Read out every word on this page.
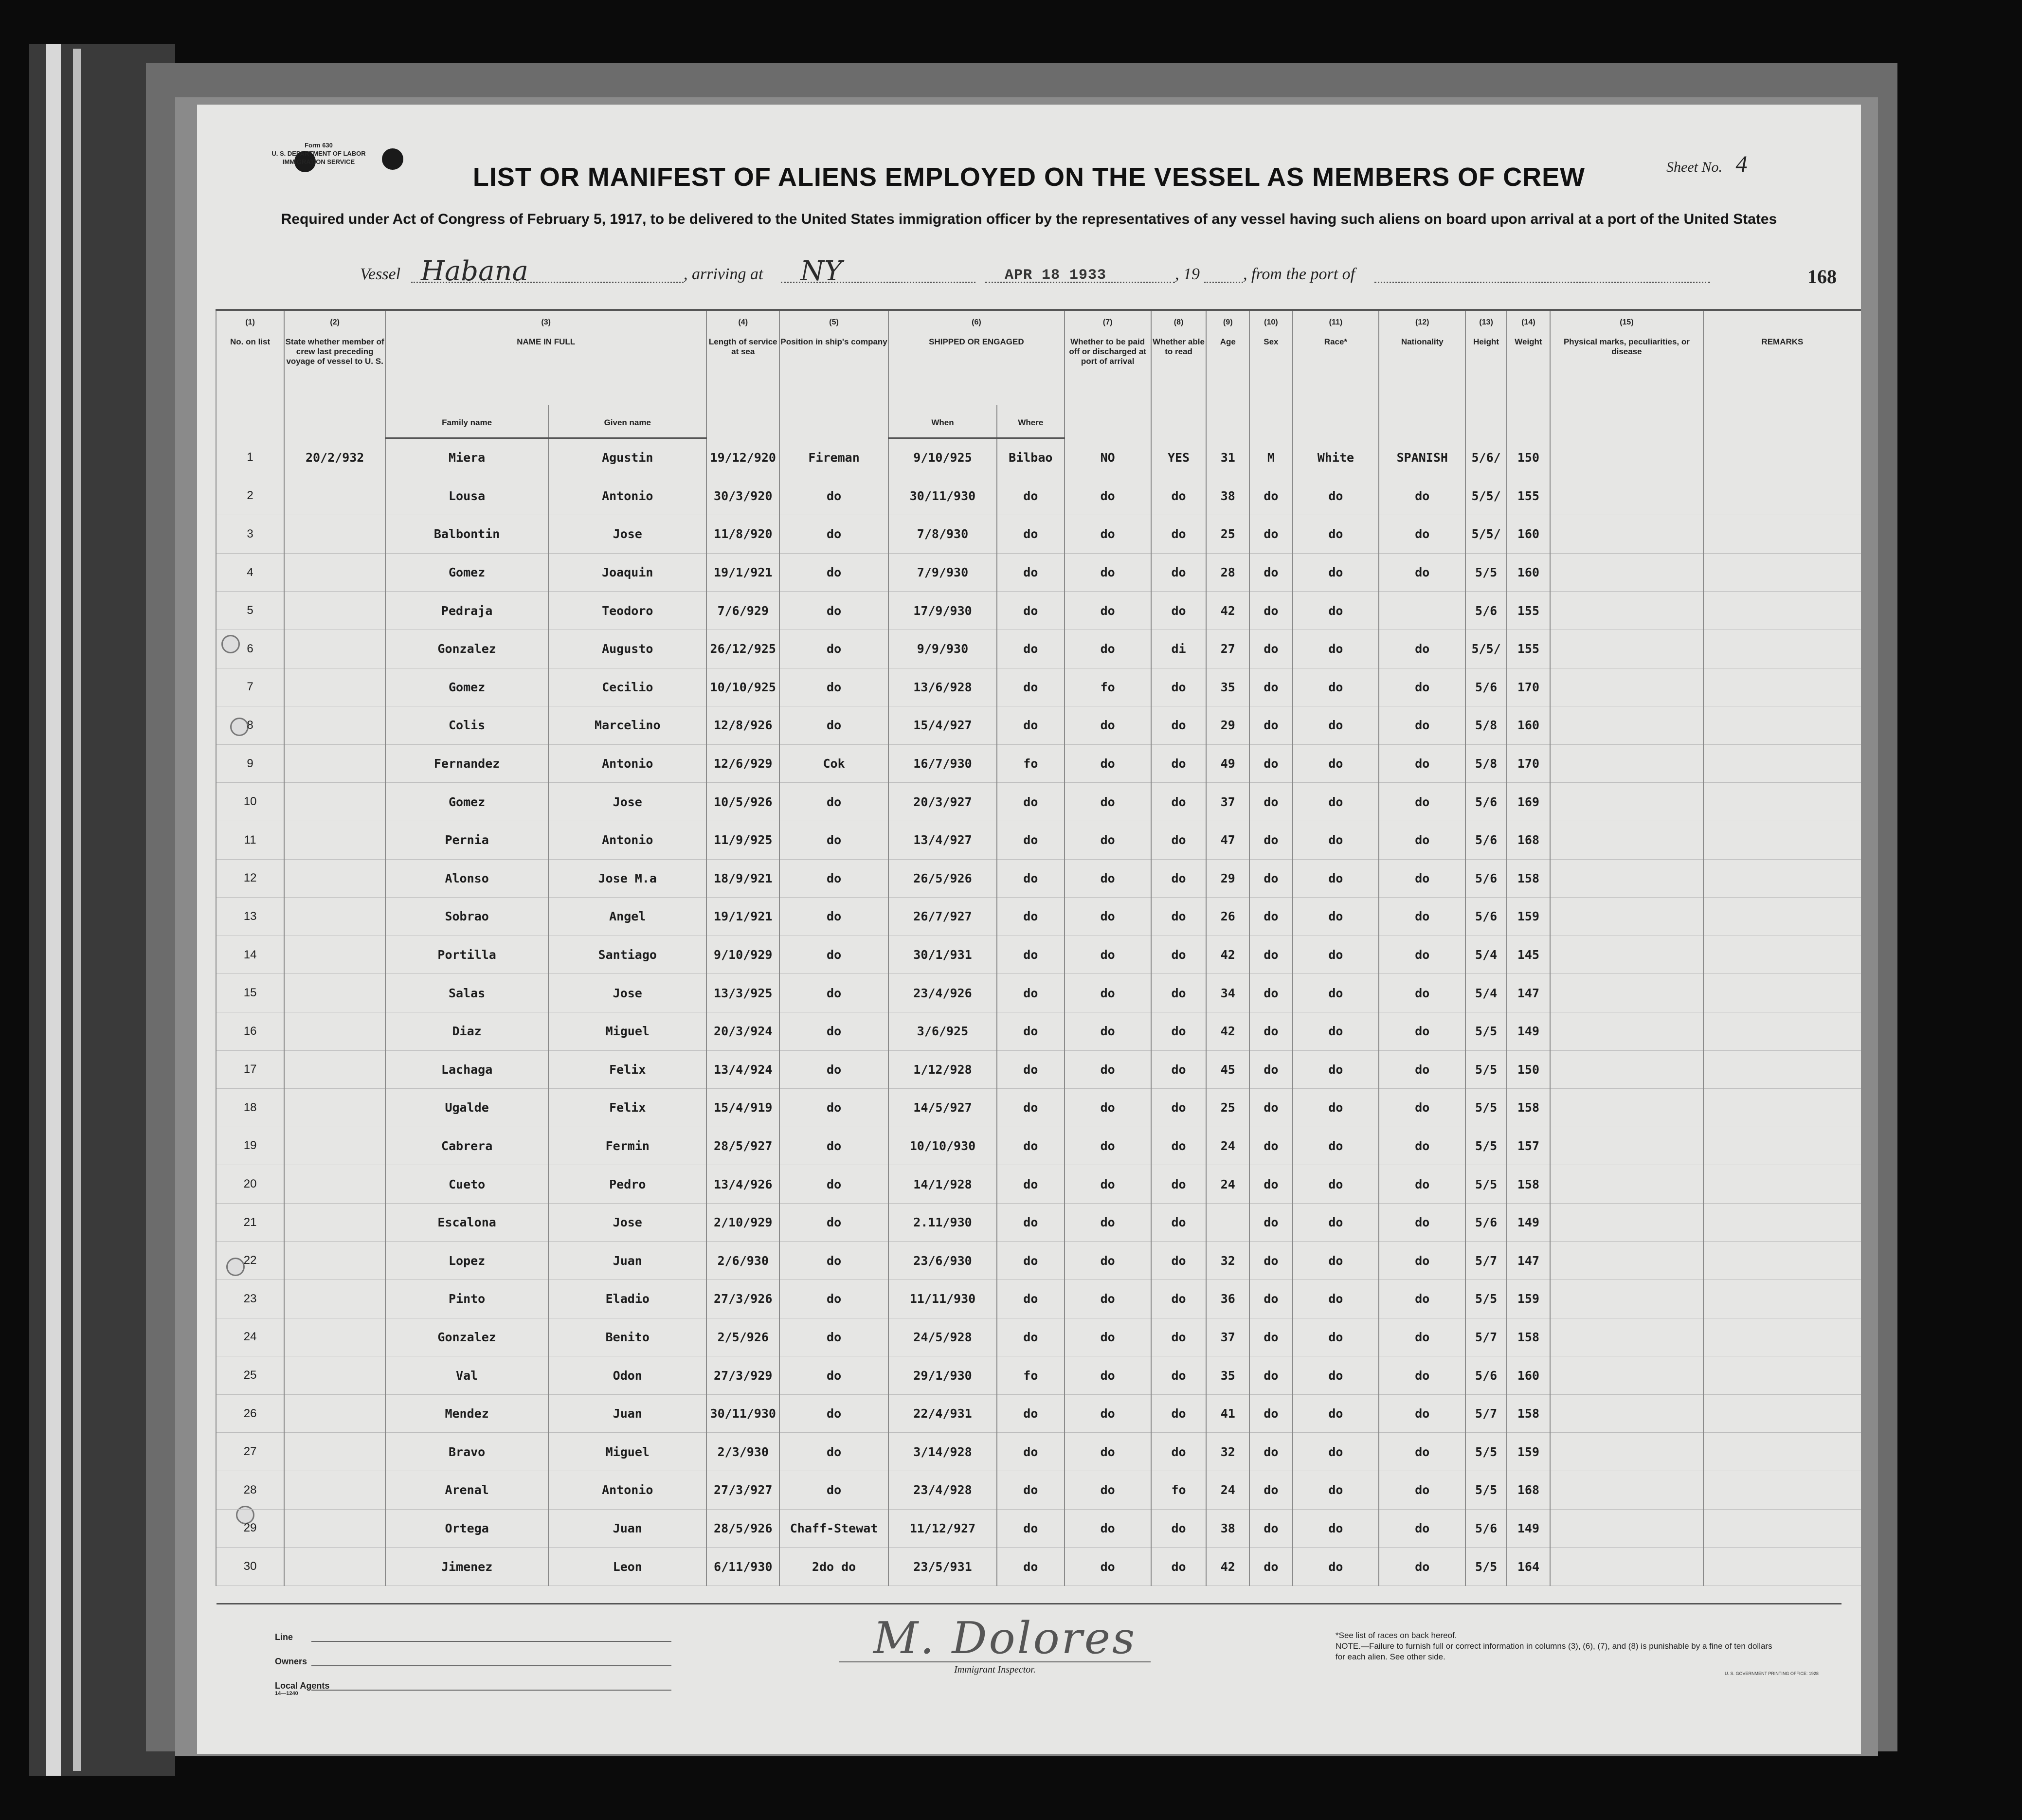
Form 630
U. S. DEPARTMENT OF LABOR
IMMIGRATION SERVICE	Sheet No. 4
LIST OR MANIFEST OF ALIENS EMPLOYED ON THE VESSEL AS MEMBERS OF CREW
Required under Act of Congress of February 5, 1917, to be delivered to the United States immigration officer by the representatives of any vessel having such aliens on board upon arrival at a port of the United States
Vessel Habana	, arriving at NY	APR 18 1933	, 19	, from the port of	168
(1)	(2)	(3)		(4)	(5)	(6)		(7)	(8)	(9)	(10)	(11)	(12)	(13)	(14)	(15)	
No. on list	State whether member of crew last preceding voyage of vessel to U. S.	NAME IN FULL		Length of service at sea	Position in ship's company	SHIPPED OR ENGAGED		Whether to be paid off or discharged at port of arrival	Whether able to read	Age	Sex	Race*	Nationality	Height	Weight	Physical marks, peculiarities, or disease	REMARKS
		Family name	Given name			When	Where										
1	20/2/932	Miera	Agustin	19/12/920	Fireman	9/10/925	Bilbao	NO	YES	31	M	White	SPANISH	5/6/	150		
2		Lousa	Antonio	30/3/920	do	30/11/930	do	do	do	38	do	do	do	5/5/	155		
3		Balbontin	Jose	11/8/920	do	7/8/930	do	do	do	25	do	do	do	5/5/	160		
4		Gomez	Joaquin	19/1/921	do	7/9/930	do	do	do	28	do	do	do	5/5	160		
5		Pedraja	Teodoro	7/6/929	do	17/9/930	do	do	do	42	do	do		5/6	155		
6		Gonzalez	Augusto	26/12/925	do	9/9/930	do	do	di	27	do	do	do	5/5/	155		
7		Gomez	Cecilio	10/10/925	do	13/6/928	do	fo	do	35	do	do	do	5/6	170		
8		Colis	Marcelino	12/8/926	do	15/4/927	do	do	do	29	do	do	do	5/8	160		
9		Fernandez	Antonio	12/6/929	Cok	16/7/930	fo	do	do	49	do	do	do	5/8	170		
10		Gomez	Jose	10/5/926	do	20/3/927	do	do	do	37	do	do	do	5/6	169		
11		Pernia	Antonio	11/9/925	do	13/4/927	do	do	do	47	do	do	do	5/6	168		
12		Alonso	Jose M.a	18/9/921	do	26/5/926	do	do	do	29	do	do	do	5/6	158		
13		Sobrao	Angel	19/1/921	do	26/7/927	do	do	do	26	do	do	do	5/6	159		
14		Portilla	Santiago	9/10/929	do	30/1/931	do	do	do	42	do	do	do	5/4	145		
15		Salas	Jose	13/3/925	do	23/4/926	do	do	do	34	do	do	do	5/4	147		
16		Diaz	Miguel	20/3/924	do	3/6/925	do	do	do	42	do	do	do	5/5	149		
17		Lachaga	Felix	13/4/924	do	1/12/928	do	do	do	45	do	do	do	5/5	150		
18		Ugalde	Felix	15/4/919	do	14/5/927	do	do	do	25	do	do	do	5/5	158		
19		Cabrera	Fermin	28/5/927	do	10/10/930	do	do	do	24	do	do	do	5/5	157		
20		Cueto	Pedro	13/4/926	do	14/1/928	do	do	do	24	do	do	do	5/5	158		
21		Escalona	Jose	2/10/929	do	2.11/930	do	do	do		do	do	do	5/6	149		
22		Lopez	Juan	2/6/930	do	23/6/930	do	do	do	32	do	do	do	5/7	147		
23		Pinto	Eladio	27/3/926	do	11/11/930	do	do	do	36	do	do	do	5/5	159		
24		Gonzalez	Benito	2/5/926	do	24/5/928	do	do	do	37	do	do	do	5/7	158		
25		Val	Odon	27/3/929	do	29/1/930	fo	do	do	35	do	do	do	5/6	160		
26		Mendez	Juan	30/11/930	do	22/4/931	do	do	do	41	do	do	do	5/7	158		
27		Bravo	Miguel	2/3/930	do	3/14/928	do	do	do	32	do	do	do	5/5	159		
28		Arenal	Antonio	27/3/927	do	23/4/928	do	do	fo	24	do	do	do	5/5	168		
29		Ortega	Juan	28/5/926	Chaff-Stewat	11/12/927	do	do	do	38	do	do	do	5/6	149		
30		Jimenez	Leon	6/11/930	2do do	23/5/931	do	do	do	42	do	do	do	5/5	164		
Line
Owners
Local Agents
14—1240
M. Dolores
Immigrant Inspector.
*See list of races on back hereof.
NOTE.—Failure to furnish full or correct information in columns (3), (6), (7), and (8) is punishable by a fine of ten dollars for each alien. See other side.
U. S. GOVERNMENT PRINTING OFFICE: 1928
